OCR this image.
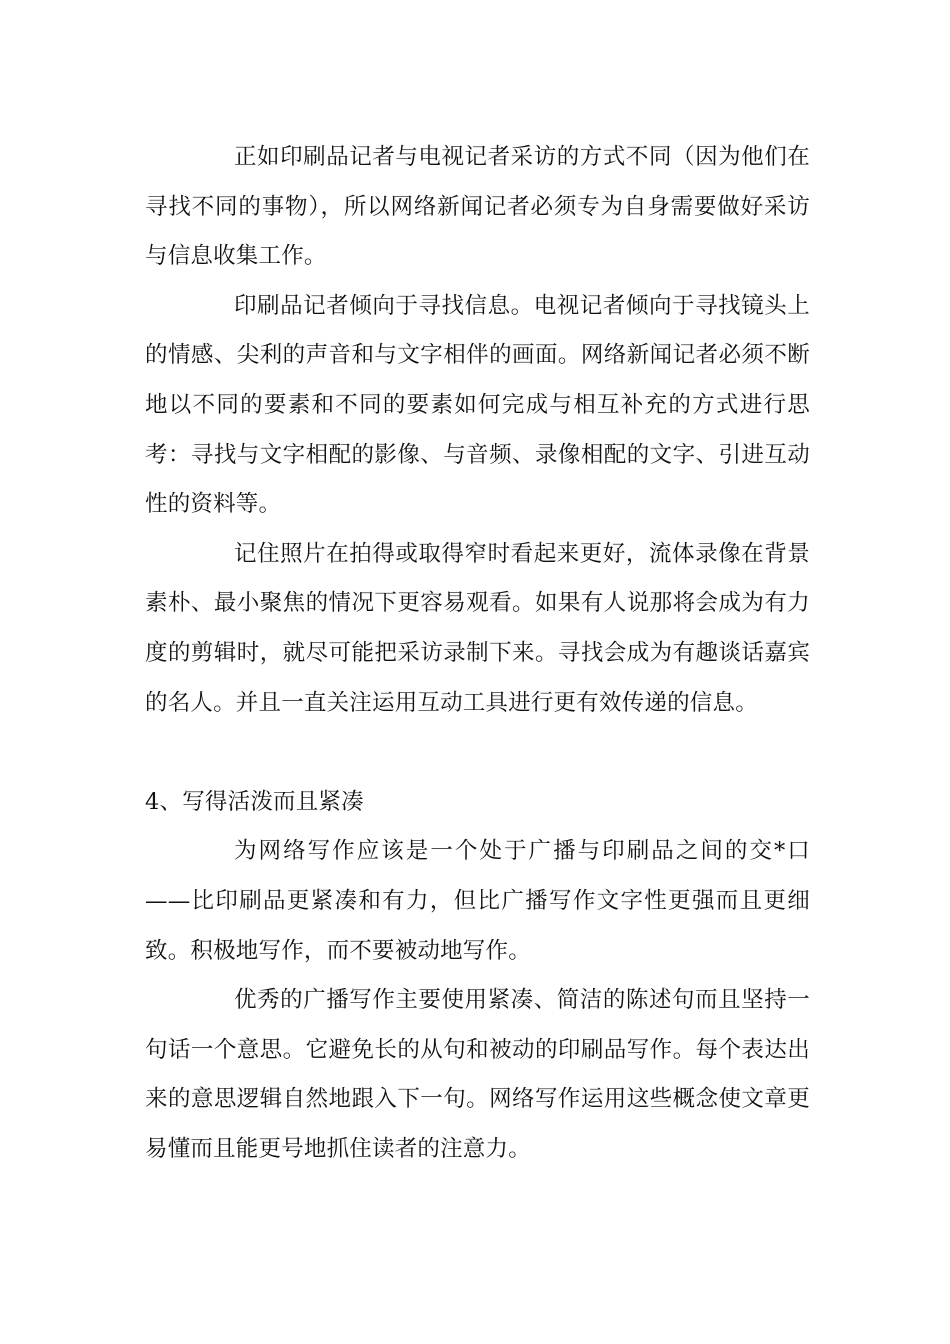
正如印刷品记者与电视记者采访的方式不同（因为他们在寻找不同的事物），所以网络新闻记者必须专为自身需要做好采访与信息收集工作。

印刷品记者倾向于寻找信息。电视记者倾向于寻找镜头上的情感、尖利的声音和与文字相伴的画面。网络新闻记者必须不断地以不同的要素和不同的要素如何完成与相互补充的方式进行思考：寻找与文字相配的影像、与音频、录像相配的文字、引进互动性的资料等。

记住照片在拍得或取得窄时看起来更好，流体录像在背景素朴、最小聚焦的情况下更容易观看。如果有人说那将会成为有力度的剪辑时，就尽可能把采访录制下来。寻找会成为有趣谈话嘉宾的名人。并且一直关注运用互动工具进行更有效传递的信息。

4、写得活泼而且紧凑

为网络写作应该是一个处于广播与印刷品之间的交*口——比印刷品更紧凑和有力，但比广播写作文字性更强而且更细致。积极地写作，而不要被动地写作。

优秀的广播写作主要使用紧凑、简洁的陈述句而且坚持一句话一个意思。它避免长的从句和被动的印刷品写作。每个表达出来的意思逻辑自然地跟入下一句。网络写作运用这些概念使文章更易懂而且能更号地抓住读者的注意力。
